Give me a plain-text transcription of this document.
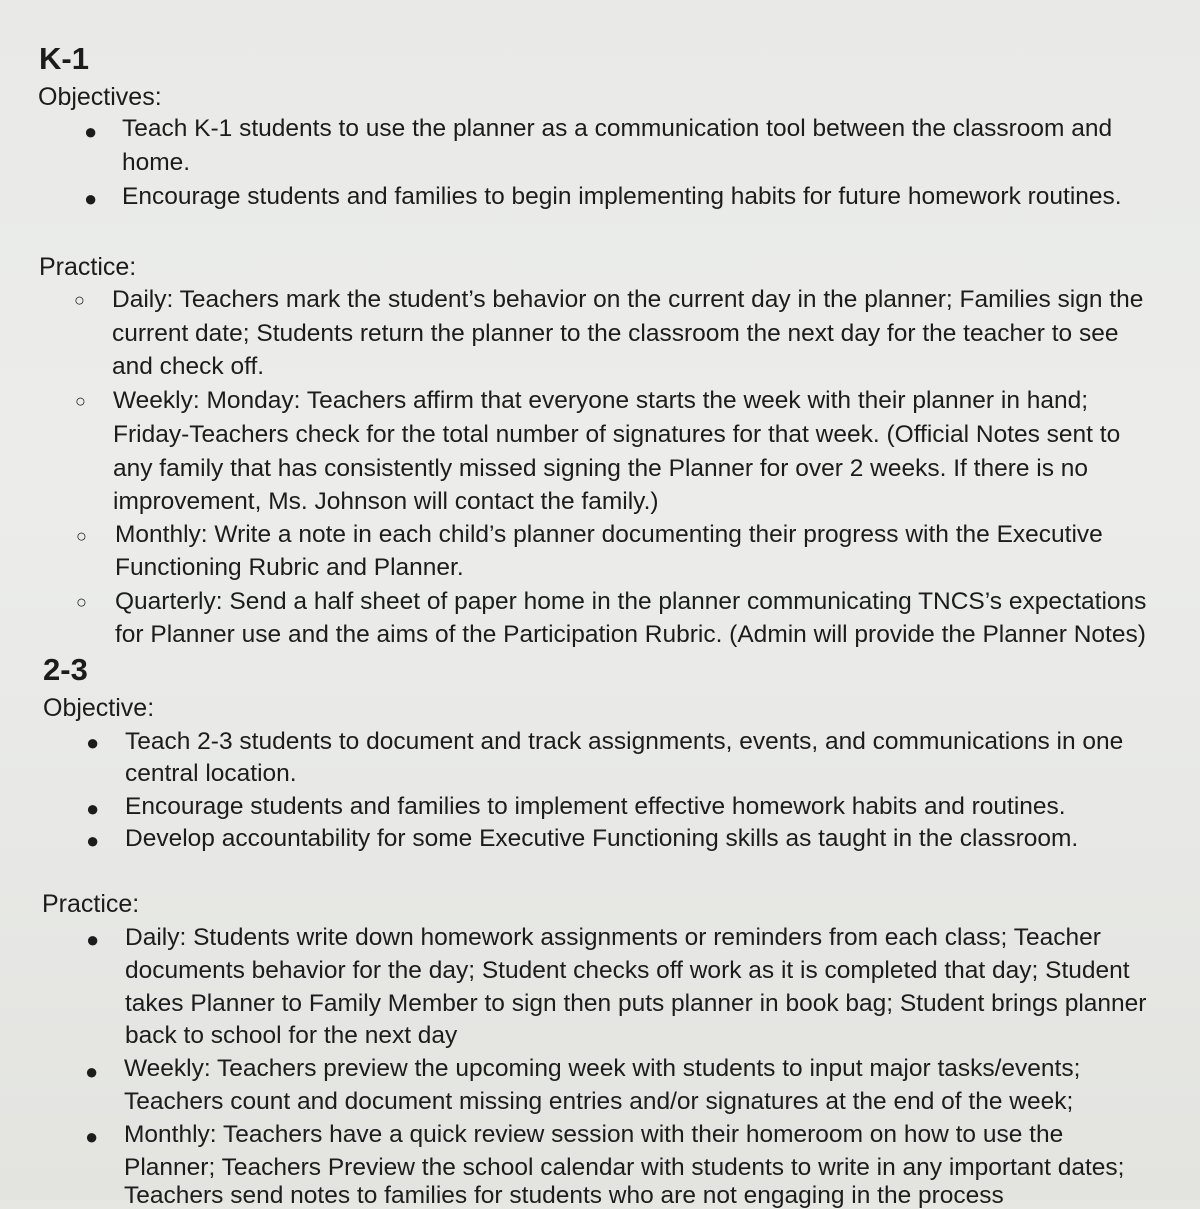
K-1
Objectives:
● Teach K-1 students to use the planner as a communication tool between the classroom and
home.
● Encourage students and families to begin implementing habits for future homework routines.
Practice:
○ Daily: Teachers mark the student’s behavior on the current day in the planner; Families sign the
current date; Students return the planner to the classroom the next day for the teacher to see
and check off.
○ Weekly: Monday: Teachers affirm that everyone starts the week with their planner in hand;
Friday-Teachers check for the total number of signatures for that week. (Official Notes sent to
any family that has consistently missed signing the Planner for over 2 weeks. If there is no
improvement, Ms. Johnson will contact the family.)
○ Monthly: Write a note in each child’s planner documenting their progress with the Executive
Functioning Rubric and Planner.
○ Quarterly: Send a half sheet of paper home in the planner communicating TNCS’s expectations
for Planner use and the aims of the Participation Rubric. (Admin will provide the Planner Notes)
2-3
Objective:
● Teach 2-3 students to document and track assignments, events, and communications in one
central location.
● Encourage students and families to implement effective homework habits and routines.
● Develop accountability for some Executive Functioning skills as taught in the classroom.
Practice:
● Daily: Students write down homework assignments or reminders from each class; Teacher
documents behavior for the day; Student checks off work as it is completed that day; Student
takes Planner to Family Member to sign then puts planner in book bag; Student brings planner
back to school for the next day
● Weekly: Teachers preview the upcoming week with students to input major tasks/events;
Teachers count and document missing entries and/or signatures at the end of the week;
● Monthly: Teachers have a quick review session with their homeroom on how to use the
Planner; Teachers Preview the school calendar with students to write in any important dates;
Teachers send notes to families for students who are not engaging in the process
